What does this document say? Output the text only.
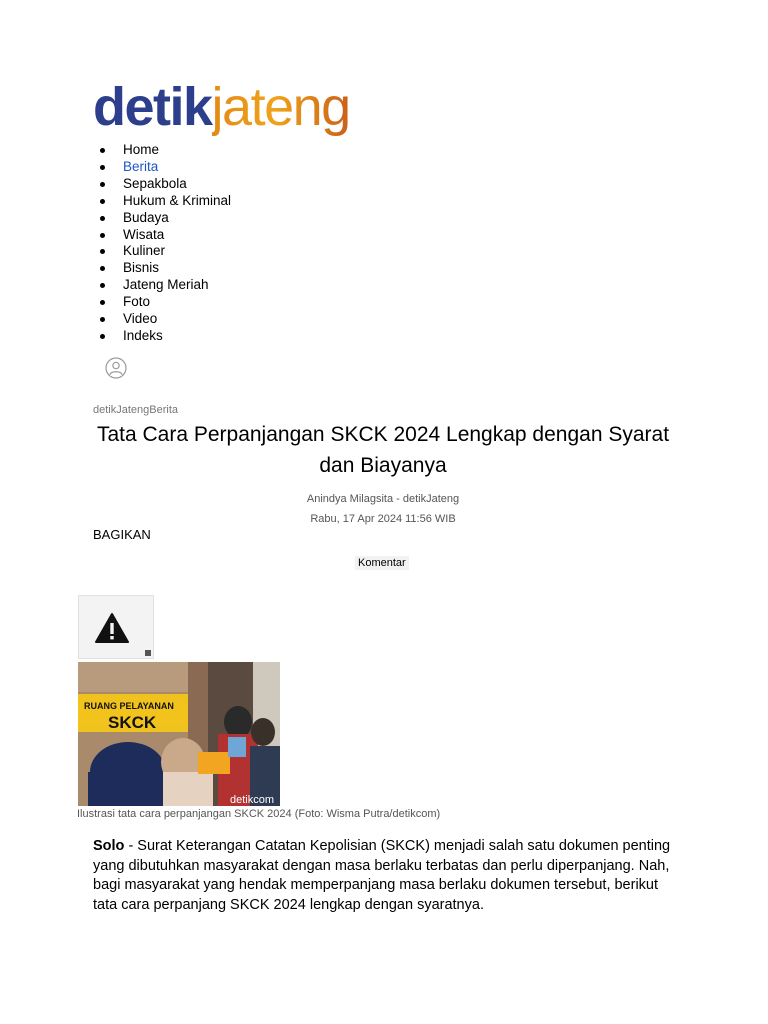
detikjateng
Home
Berita
Sepakbola
Hukum & Kriminal
Budaya
Wisata
Kuliner
Bisnis
Jateng Meriah
Foto
Video
Indeks
detikJatengBerita
Tata Cara Perpanjangan SKCK 2024 Lengkap dengan Syarat dan Biayanya
Anindya Milagsita - detikJateng
Rabu, 17 Apr 2024 11:56 WIB
BAGIKAN
Komentar
RUANG PELAYANAN
SKCK
detikcom
Ilustrasi tata cara perpanjangan SKCK 2024 (Foto: Wisma Putra/detikcom)

Solo - Surat Keterangan Catatan Kepolisian (SKCK) menjadi salah satu dokumen penting yang dibutuhkan masyarakat dengan masa berlaku terbatas dan perlu diperpanjang. Nah, bagi masyarakat yang hendak memperpanjang masa berlaku dokumen tersebut, berikut tata cara perpanjang SKCK 2024 lengkap dengan syaratnya.
